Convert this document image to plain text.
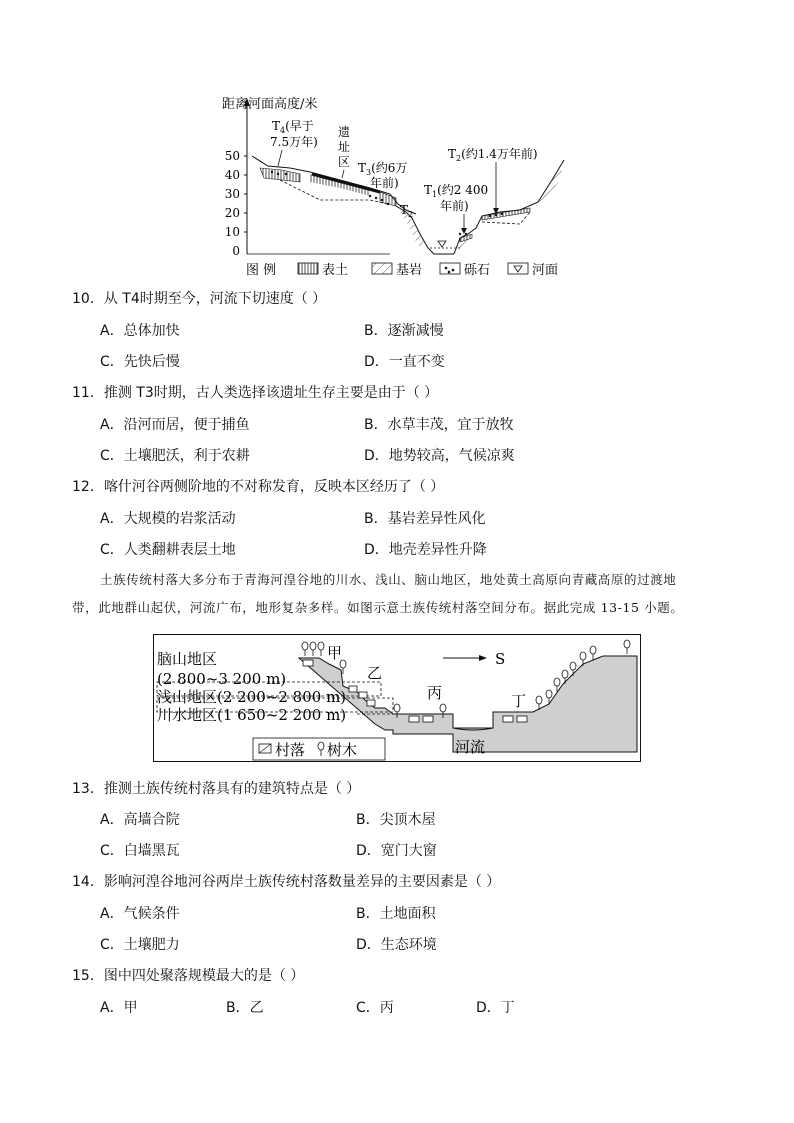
距离河面高度/米
50
40
30
20
10
0
$T_4$(早于
7.5万年)
遗
址
区 $T_3$(约6万
年前)
$T_2$
$T_2$(约1.4万年前)
$T_1$(约2 400
年前)
图 例	表土	基岩	砾石	河面
10．从 T4时期至今，河流下切速度（ ）
A．总体加快	B．逐渐减慢
C．先快后慢	D．一直不变
11．推测 T3时期，古人类选择该遗址生存主要是由于（ ）
A．沿河而居，便于捕鱼	B．水草丰茂，宜于放牧
C．土壤肥沃，利于农耕	D．地势较高，气候凉爽
12．喀什河谷两侧阶地的不对称发育，反映本区经历了（ ）
A．大规模的岩浆活动	B．基岩差异性风化
C．人类翻耕表层土地	D．地壳差异性升降
土族传统村落大多分布于青海河湟谷地的川水、浅山、脑山地区，地处黄土高原向青藏高原的过渡地
带，此地群山起伏，河流广布，地形复杂多样。如图示意土族传统村落空间分布。据此完成 13-15 小题。
脑山地区
(2 800~3 200 m)
浅山地区(2 200~2 800 m)
川水地区(1 650~2 200 m)
甲
乙
丙	丁
S
河流
村落 树木
13．推测土族传统村落具有的建筑特点是（ ）
A．高墙合院	B．尖顶木屋
C．白墙黑瓦	D．宽门大窗
14．影响河湟谷地河谷两岸土族传统村落数量差异的主要因素是（ ）
A．气候条件	B．土地面积
C．土壤肥力	D．生态环境
15．图中四处聚落规模最大的是（ ）
A．甲	B．乙	C．丙	D．丁
